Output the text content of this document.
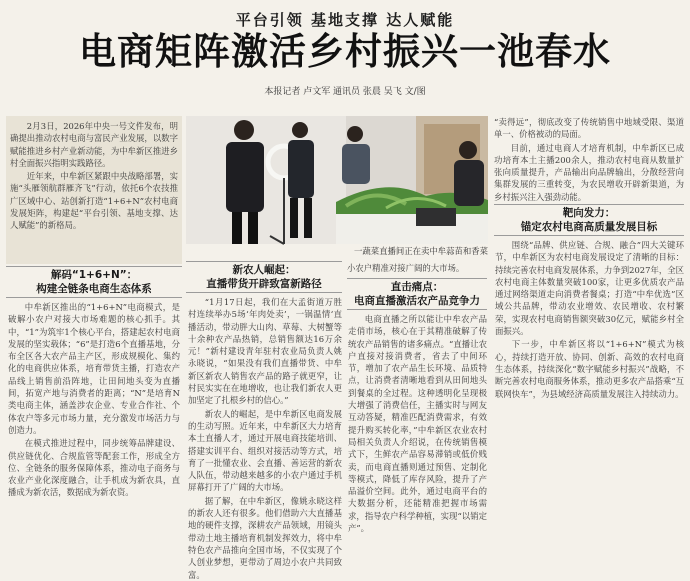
平台引领 基地支撑 达人赋能
电商矩阵激活乡村振兴一池春水
本报记者 卢文军 通讯员 张晨 吴飞 文/图

2月3日，2026年中央一号文件发布，明确提出推动农村电商与富民产业发展，以数字赋能推进乡村产业新动能，为中牟新区推进乡村全面振兴指明实践路径。

近年来，中牟新区紧跟中央战略部署，实施“头雁领航群雁齐飞”行动，依托6个农技推广区域中心、站创新打造“1+6+N”农村电商发展矩阵，构建起“平台引领、基地支撑、达人赋能”的新格局。

解码“1+6+N”：
构建全链条电商生态体系

中牟新区推出的“1+6+N”电商模式，是破解小农户对接大市场难题的核心抓手。其中，“1”为筑牢1个核心平台，搭建起农村电商发展的坚实载体；“6”是打造6个直播基地，分布全区各大农产品主产区，形成规模化、集约化的电商供应体系，培育带货主播，打造农产品线上销售前沿阵地，让田间地头变为直播间，拓宽产地与消费者的距离；“N”是培育N类电商主体，涵盖涉农企业、专业合作社、个体农户等多元市场力量，充分激发市场活力与创造力。

在模式推进过程中，同步统筹品牌建设、供应链优化、合规监管等配套工作，形成全方位、全链条的服务保障体系，推动电子商务与农业产业化深度融合，让手机成为新农具，直播成为新农活，数据成为新农资。

一蔬菜直播间正在卖中牟蒜苗和香菜
新农人崛起：
直播带货开辟致富新路径

“1月17日起，我们在大孟街道万胜村连续举办5场‘年肉处卖’，一锅温情‘直播活动，带动胖大山肉、草莓、大树蟹等十余种农产品热销，总销售额达16万余元！”新村建设青年驻村农业局负责人姚永晓说，“如果没有我们直播带货、中牟新区新农人销售农产品的路子就更窄，让村民实实在在地增收，也让我们新农人更加坚定了扎根乡村的信心。”

新农人的崛起，是中牟新区电商发展的生动写照。近年来，中牟新区大力培育本土直播人才，通过开展电商技能培训、搭建实训平台、组织对接活动等方式，培育了一批懂农业、会直播、善运营的新农人队伍，带动越来越多的小农户通过手机屏幕打开了广阔的大市场。

据了解，在中牟新区，像姚永晓这样的新农人还有很多。他们借助六大直播基地的硬件支撑，深耕农产品领域，用镜头带动土地主播培育机制发挥效力，将中牟特色农产品推向全国市场，不仅实现了个人创业梦想，更带动了周边小农户共同致富。

小农户精准对接广阔的大市场。
直击痛点：
电商直播激活农产品竞争力

电商直播之所以能让中牟农产品走俏市场，核心在于其精准破解了传统农产品销售的诸多痛点。“直播让农户直接对接消费者，省去了中间环节，增加了农产品生长环境、品质特点，让消费者清晰地看到从田间地头到餐桌的全过程。这种透明化呈现极大增强了消费信任，主播实时与网友互动答疑，精准匹配消费需求，有效提升购买转化率，”中牟新区农业农村局相关负责人介绍说，在传统销售模式下，生鲜农产品容易滞销或低价贱卖，而电商直播则通过预售、定制化等模式，降低了库存风险，提升了产品溢价空间。此外，通过电商平台的大数据分析，还能精准把握市场需求，指导农户科学种植，实现“以销定产”。

“卖得远”，彻底改变了传统销售中地域受限、渠道单一、价格被动的局面。

目前，通过电商人才培育机制，中牟新区已成功培育本土主播200余人，推动农村电商从数量扩张向质量提升，产品输出向品牌输出，分散经营向集群发展的三重转变，为农民增收开辟新渠道，为乡村振兴注入强劲动能。

靶向发力：
锚定农村电商高质量发展目标

围绕“品牌、供应链、合规、融合”四大关键环节，中牟新区为农村电商发展设定了清晰的目标：持续完善农村电商发展体系，力争到2027年，全区农村电商主体数量突破100家，让更多优质农产品通过网络渠道走向消费者餐桌；打造“中牟优选”区域公共品牌，带动农业增效、农民增收、农村繁荣，实现农村电商销售额突破30亿元，赋能乡村全面振兴。

下一步，中牟新区将以“1+6+N”模式为核心，持续打造开放、协同、创新、高效的农村电商生态体系，持续深化“数字赋能乡村振兴”战略，不断完善农村电商服务体系，推动更多农产品搭乘“互联网快车”，为县域经济高质量发展注入持续动力。
